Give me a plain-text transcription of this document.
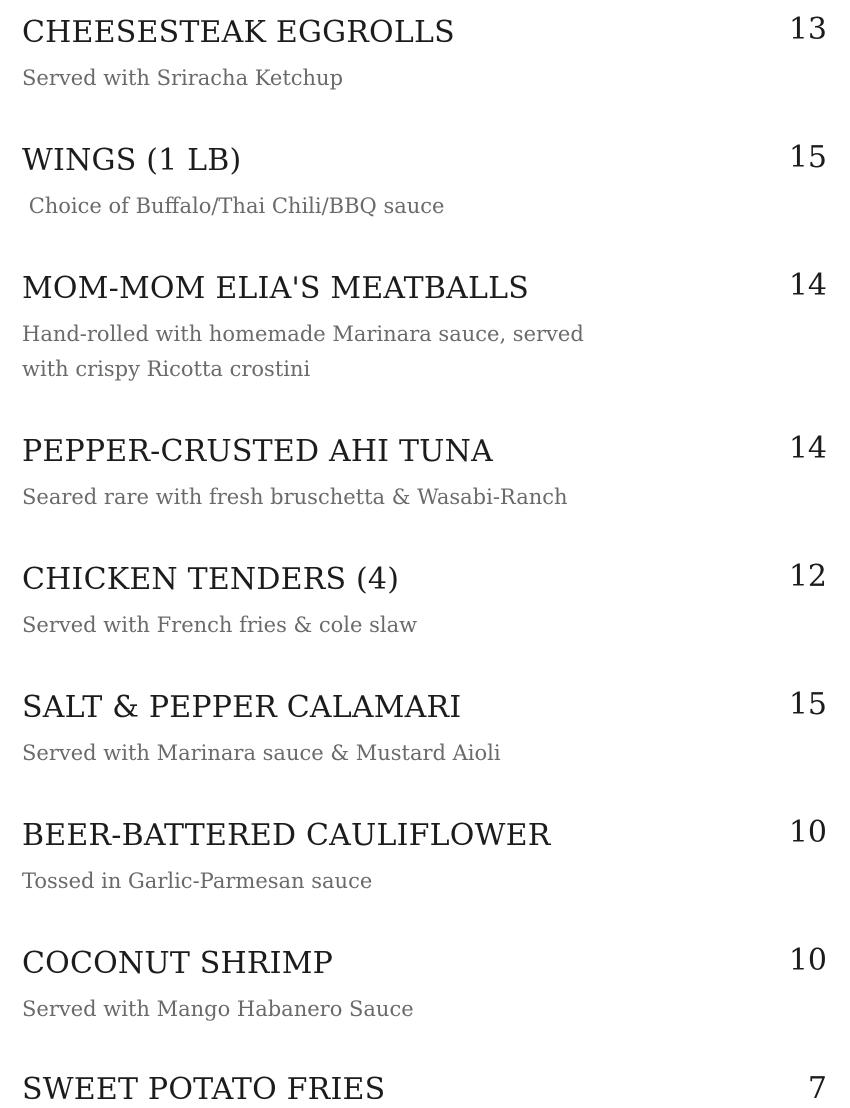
CHEESESTEAK EGGROLLS	13
Served with Sriracha Ketchup
WINGS (1 LB)	15
Choice of Buffalo/Thai Chili/BBQ sauce
MOM-MOM ELIA'S MEATBALLS	14
Hand-rolled with homemade Marinara sauce, served with crispy Ricotta crostini
PEPPER-CRUSTED AHI TUNA	14
Seared rare with fresh bruschetta & Wasabi-Ranch
CHICKEN TENDERS (4)	12
Served with French fries & cole slaw
SALT & PEPPER CALAMARI	15
Served with Marinara sauce & Mustard Aioli
BEER-BATTERED CAULIFLOWER	10
Tossed in Garlic-Parmesan sauce
COCONUT SHRIMP	10
Served with Mango Habanero Sauce
SWEET POTATO FRIES	7
